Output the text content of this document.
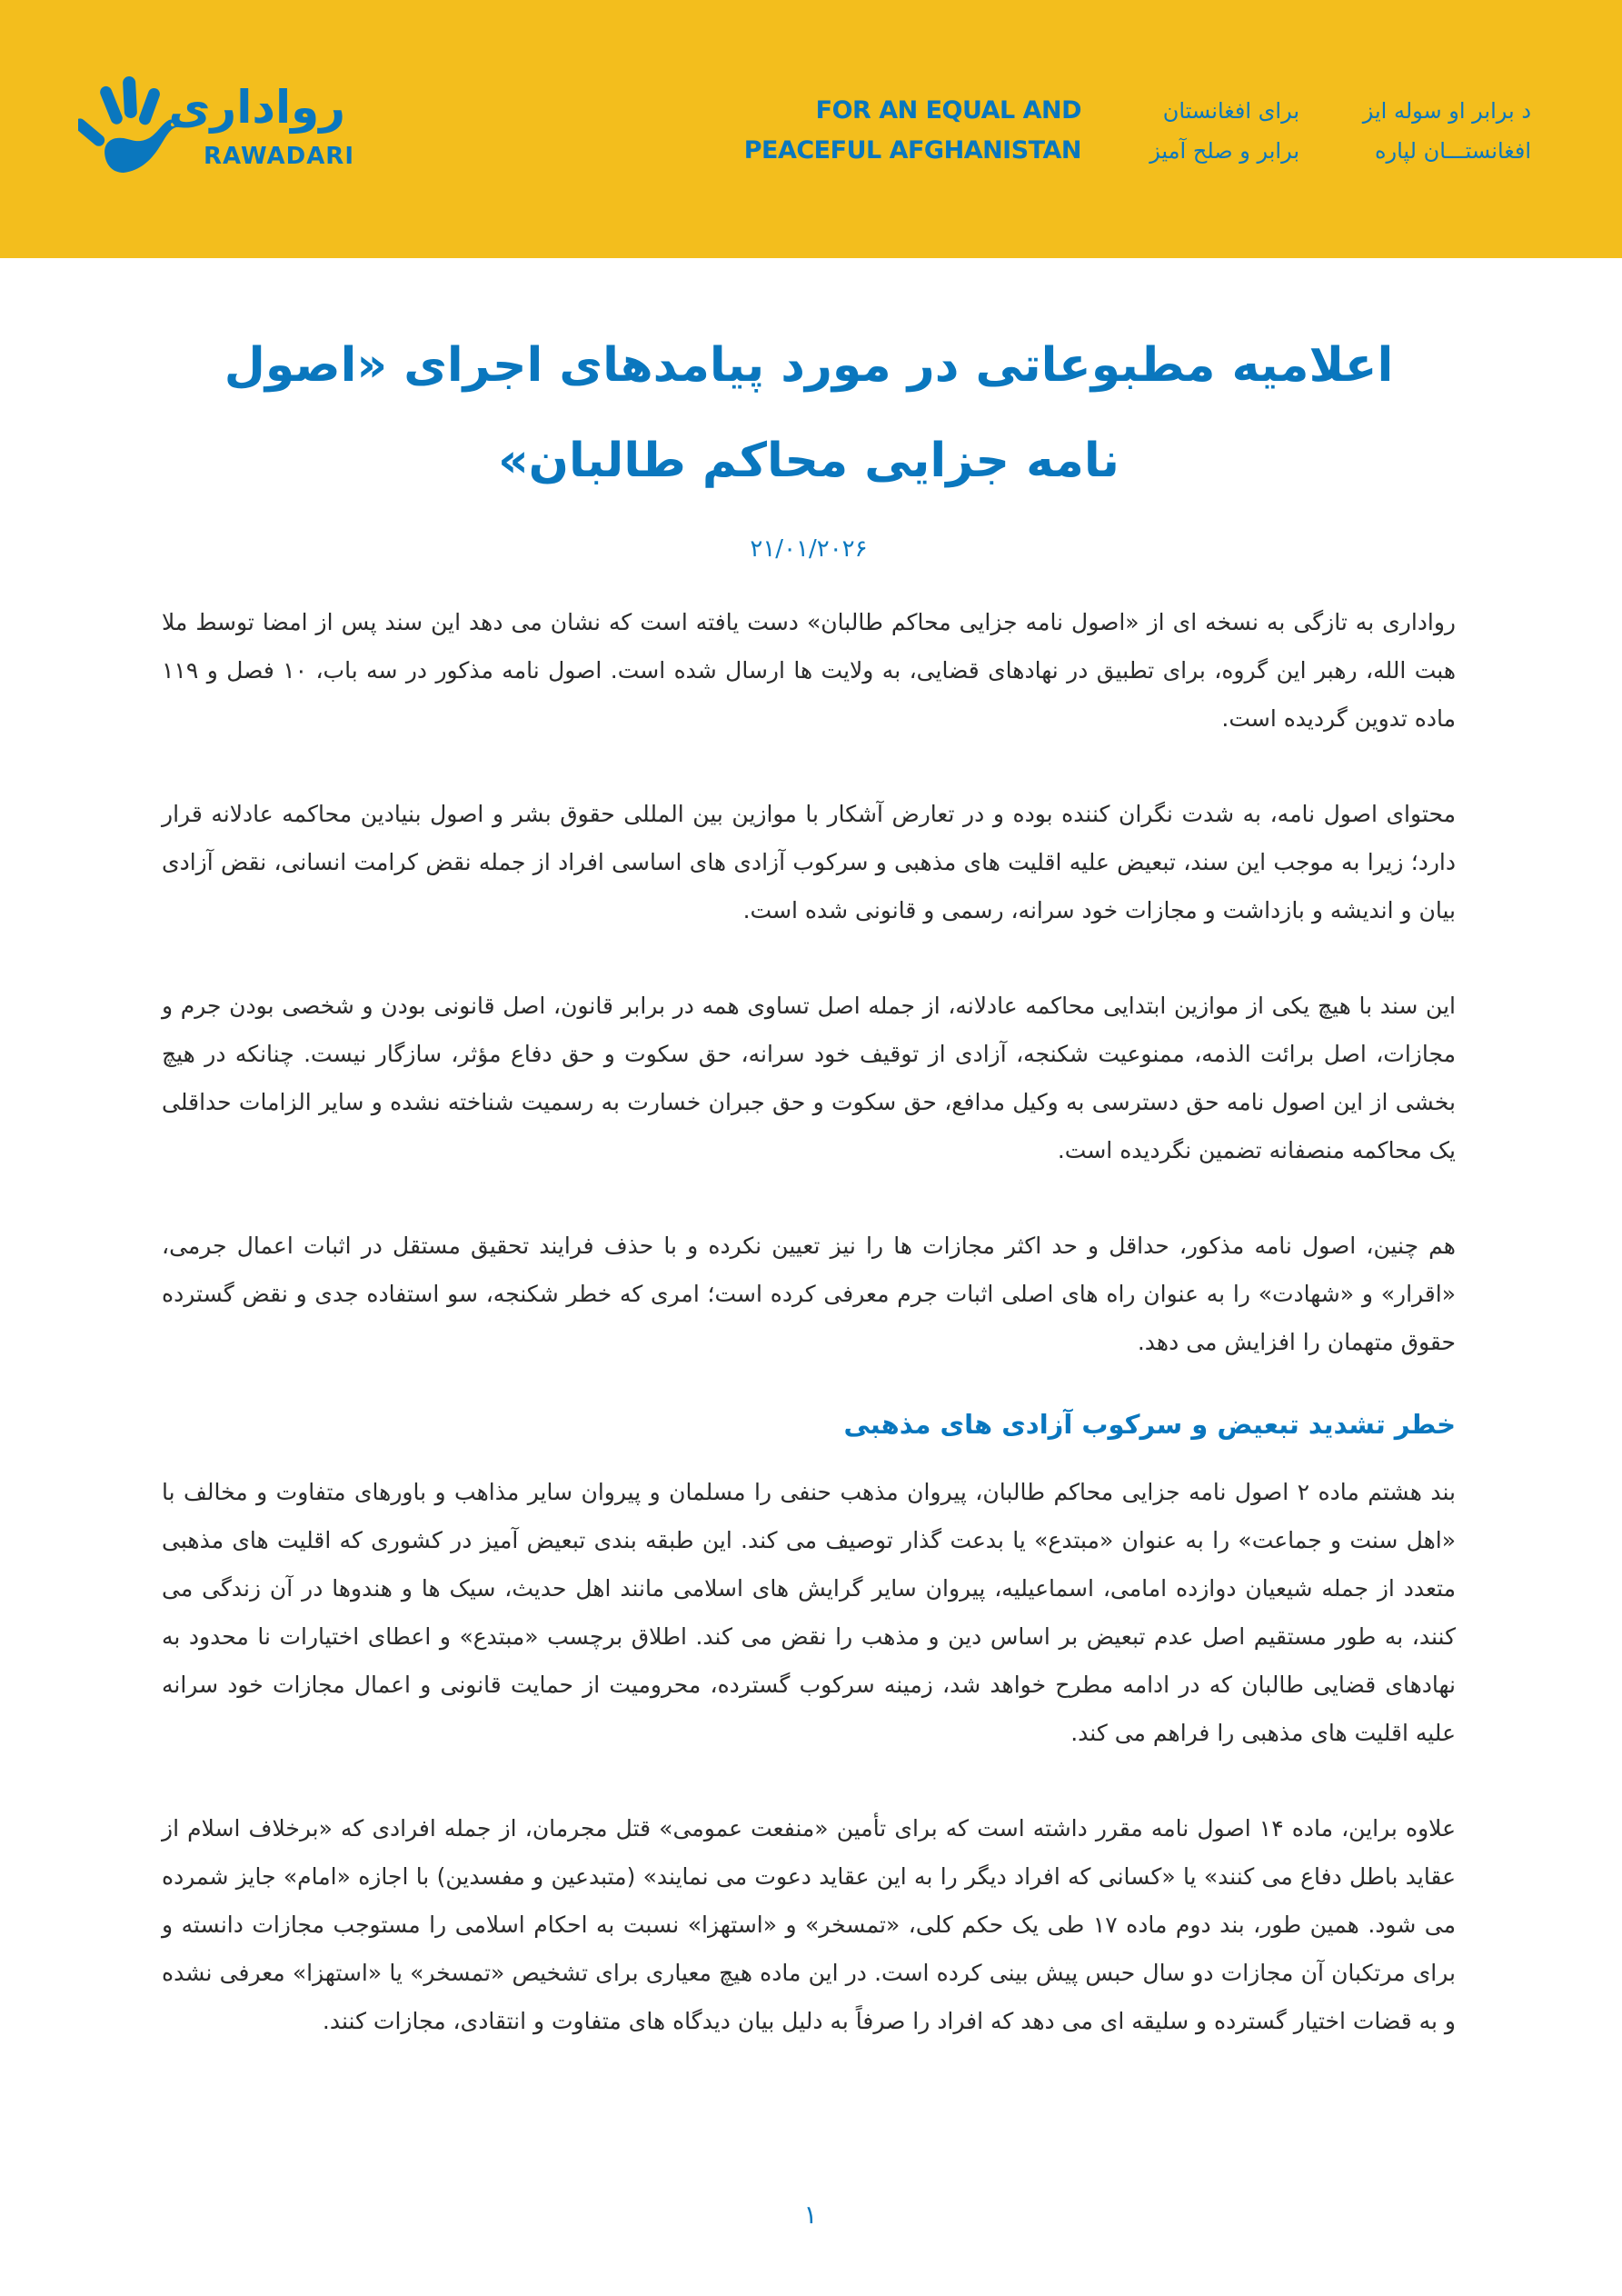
رواداری
RAWADARI
FOR AN EQUAL AND
PEACEFUL AFGHANISTAN
برای افغانستان
برابر و صلح آمیز
د برابر او سوله ایز
افغانستـــان لپاره
اعلامیه مطبوعاتی در مورد پیامدهای اجرای «اصول نامه جزایی محاکم طالبان»
۲۱/۰۱/۲۰۲۶

رواداری به تازگی به نسخه ای از «اصول نامه جزایی محاکم طالبان» دست یافته است که نشان می دهد این سند پس از امضا توسط ملا هبت الله، رهبر این گروه، برای تطبیق در نهادهای قضایی، به ولایت ها ارسال شده است. اصول نامه مذکور در سه باب، ۱۰ فصل و ۱۱۹ ماده تدوین گردیده است.

محتوای اصول نامه، به شدت نگران کننده بوده و در تعارض آشکار با موازین بین المللی حقوق بشر و اصول بنیادین محاکمه عادلانه قرار دارد؛ زیرا به موجب این سند، تبعیض علیه اقلیت های مذهبی و سرکوب آزادی های اساسی افراد از جمله نقض کرامت انسانی، نقض آزادی بیان و اندیشه و بازداشت و مجازات خود سرانه، رسمی و قانونی شده است.

این سند با هیچ یکی از موازین ابتدایی محاکمه عادلانه، از جمله اصل تساوی همه در برابر قانون، اصل قانونی بودن و شخصی بودن جرم و مجازات، اصل برائت الذمه، ممنوعیت شکنجه، آزادی از توقیف خود سرانه، حق سکوت و حق دفاع مؤثر، سازگار نیست. چنانکه در هیچ بخشی از این اصول نامه حق دسترسی به وکیل مدافع، حق سکوت و حق جبران خسارت به رسمیت شناخته نشده و سایر الزامات حداقلی یک محاکمه منصفانه تضمین نگردیده است.

هم چنین، اصول نامه مذکور، حداقل و حد اکثر مجازات ها را نیز تعیین نکرده و با حذف فرایند تحقیق مستقل در اثبات اعمال جرمی، «اقرار» و «شهادت» را به عنوان راه های اصلی اثبات جرم معرفی کرده است؛ امری که خطر شکنجه، سو استفاده جدی و نقض گسترده حقوق متهمان را افزایش می دهد.

خطر تشدید تبعیض و سرکوب آزادی های مذهبی

بند هشتم ماده ۲ اصول نامه جزایی محاکم طالبان، پیروان مذهب حنفی را مسلمان و پیروان سایر مذاهب و باورهای متفاوت و مخالف با «اهل سنت و جماعت» را به عنوان «مبتدع» یا بدعت گذار توصیف می کند. این طبقه بندی تبعیض آمیز در کشوری که اقلیت های مذهبی متعدد از جمله شیعیان دوازده امامی، اسماعیلیه، پیروان سایر گرایش های اسلامی مانند اهل حدیث، سیک ها و هندوها در آن زندگی می کنند، به طور مستقیم اصل عدم تبعیض بر اساس دین و مذهب را نقض می کند. اطلاق برچسب «مبتدع» و اعطای اختیارات نا محدود به نهادهای قضایی طالبان که در ادامه مطرح خواهد شد، زمینه سرکوب گسترده، محرومیت از حمایت قانونی و اعمال مجازات خود سرانه علیه اقلیت های مذهبی را فراهم می کند.

علاوه براین، ماده ۱۴ اصول نامه مقرر داشته است که برای تأمین «منفعت عمومی» قتل مجرمان، از جمله افرادی که «برخلاف اسلام از عقاید باطل دفاع می کنند» یا «کسانی که افراد دیگر را به این عقاید دعوت می نمایند» (متبدعین و مفسدین) با اجازه «امام» جایز شمرده می شود. همین طور، بند دوم ماده ۱۷ طی یک حکم کلی، «تمسخر» و «استهزا» نسبت به احکام اسلامی را مستوجب مجازات دانسته و برای مرتکبان آن مجازات دو سال حبس پیش بینی کرده است. در این ماده هیچ معیاری برای تشخیص «تمسخر» یا «استهزا» معرفی نشده و به قضات اختیار گسترده و سلیقه ای می دهد که افراد را صرفاً به دلیل بیان دیدگاه های متفاوت و انتقادی، مجازات کنند.

۱
